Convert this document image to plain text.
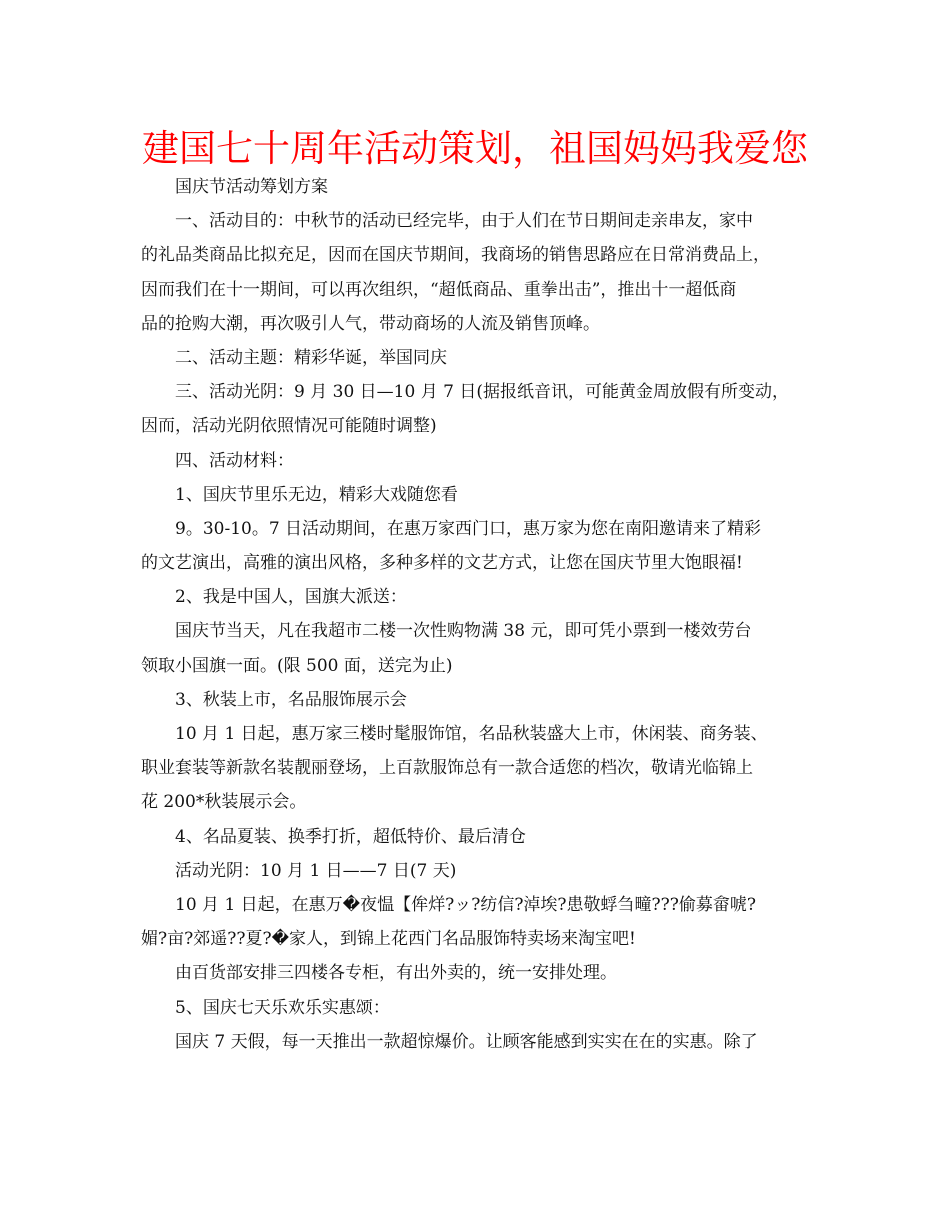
建国七十周年活动策划，祖国妈妈我爱您
国庆节活动筹划方案
一、活动目的：中秋节的活动已经完毕，由于人们在节日期间走亲串友，家中
的礼品类商品比拟充足，因而在国庆节期间，我商场的销售思路应在日常消费品上，
因而我们在十一期间，可以再次组织，“超低商品、重拳出击”，推出十一超低商
品的抢购大潮，再次吸引人气，带动商场的人流及销售顶峰。
二、活动主题：精彩华诞，举国同庆
三、活动光阴：9 月 30 日—10 月 7 日(据报纸音讯，可能黄金周放假有所变动，
因而，活动光阴依照情况可能随时调整)
四、活动材料：
1、国庆节里乐无边，精彩大戏随您看
9。30-10。7 日活动期间，在惠万家西门口，惠万家为您在南阳邀请来了精彩
的文艺演出，高雅的演出风格，多种多样的文艺方式，让您在国庆节里大饱眼福!
2、我是中国人，国旗大派送：
国庆节当天，凡在我超市二楼一次性购物满 38 元，即可凭小票到一楼效劳台
领取小国旗一面。(限 500 面，送完为止)
3、秋装上市，名品服饰展示会
10 月 1 日起，惠万家三楼时髦服饰馆，名品秋装盛大上市，休闲装、商务装、
职业套装等新款名装靓丽登场，上百款服饰总有一款合适您的档次，敬请光临锦上
花 200*秋装展示会。
4、名品夏装、换季打折，超低特价、最后清仓
活动光阴：10 月 1 日——7 日(7 天)
10 月 1 日起，在惠万�夜愠【侔烊?ッ?纺信?淖埃?患敬蜉刍疃???偷募畲唬?
媚?亩?郊遥??夏?�家人，到锦上花西门名品服饰特卖场来淘宝吧!
由百货部安排三四楼各专柜，有出外卖的，统一安排处理。
5、国庆七天乐欢乐实惠颂：
国庆 7 天假，每一天推出一款超惊爆价。让顾客能感到实实在在的实惠。除了
